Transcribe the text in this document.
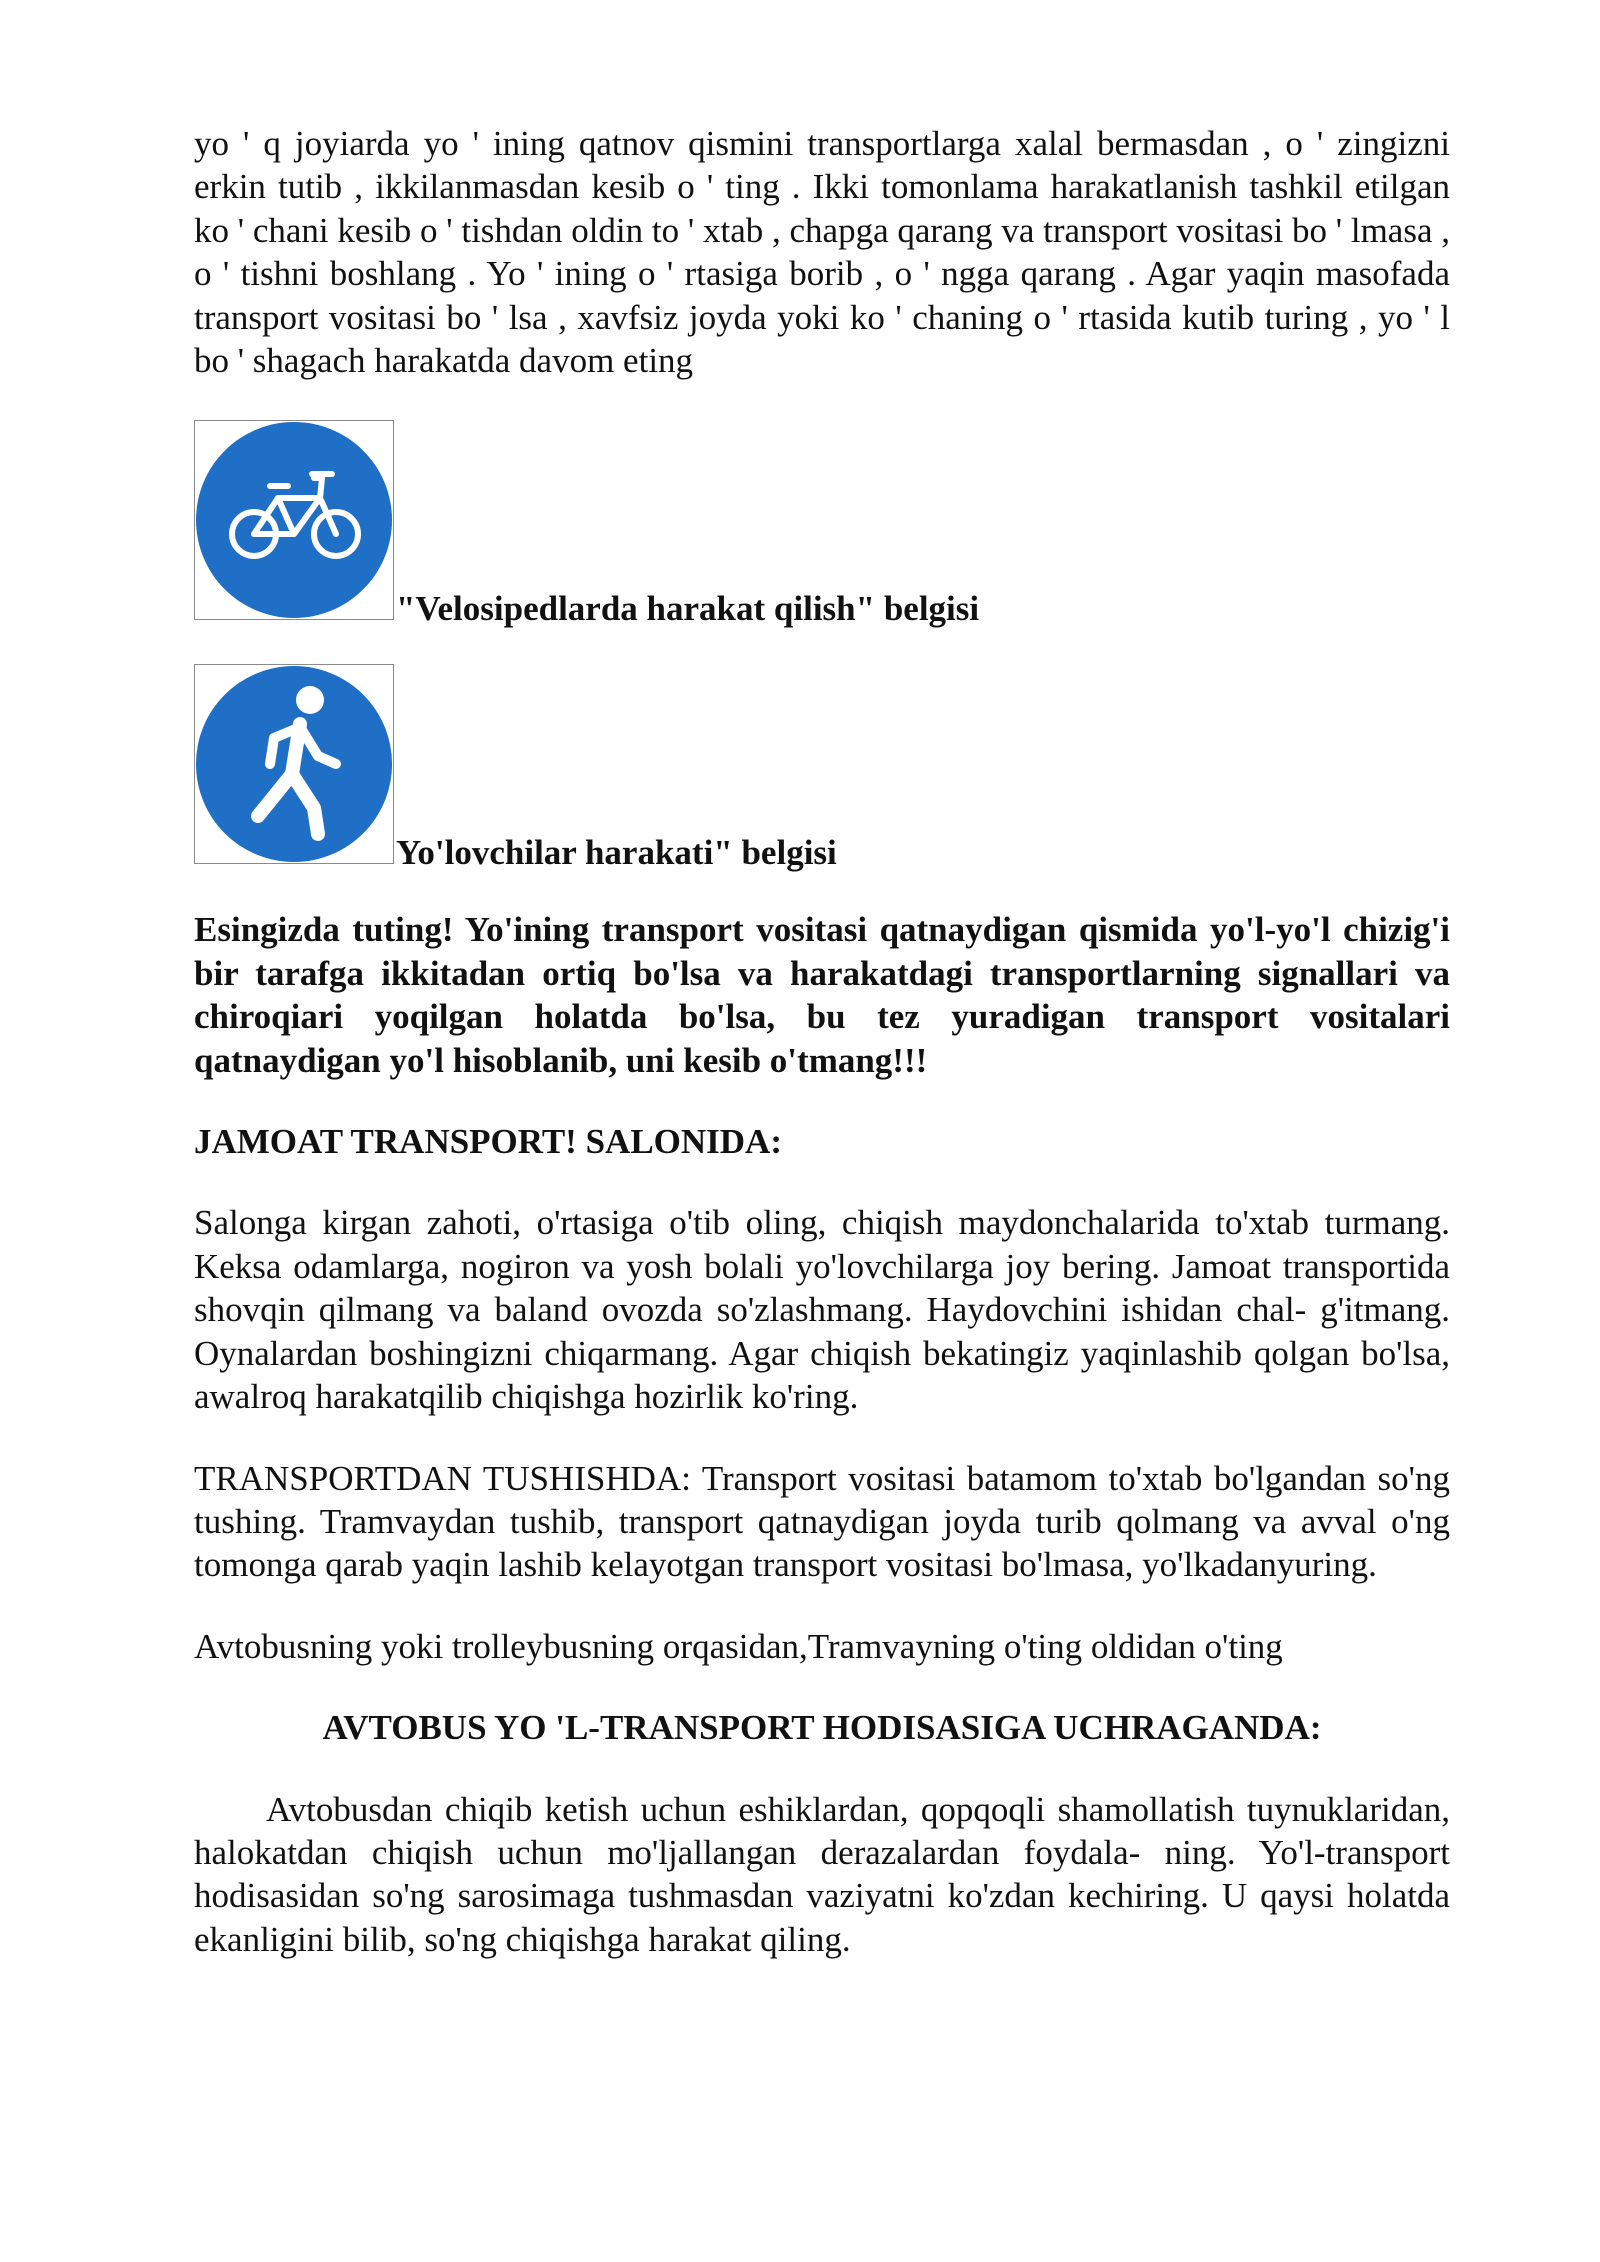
yo ' q joyiarda yo ' ining qatnov qismini transportlarga xalal bermasdan , o ' zingizni erkin tutib , ikkilanmasdan kesib o ' ting . Ikki tomonlama harakatlanish tashkil etilgan ko ' chani kesib o ' tishdan oldin to ' xtab , chapga qarang va transport vositasi bo ' lmasa , o ' tishni boshlang . Yo ' ining o ' rtasiga borib , o ' ngga qarang . Agar yaqin masofada transport vositasi bo ' lsa , xavfsiz joyda yoki ko ' chaning o ' rtasida kutib turing , yo ' l bo ' shagach harakatda davom eting

"Velosipedlarda harakat qilish" belgisi
Yo'lovchilar harakati" belgisi

Esingizda tuting! Yo'ining transport vositasi qatnaydigan qismida yo'l-yo'l chizig'i bir tarafga ikkitadan ortiq bo'lsa va harakatdagi transportlarning signallari va chiroqiari yoqilgan holatda bo'lsa, bu tez yuradigan transport vositalari qatnaydigan yo'l hisoblanib, uni kesib o'tmang!!!

JAMOAT TRANSPORT! SALONIDA:

Salonga kirgan zahoti, o'rtasiga o'tib oling, chiqish maydonchalarida to'xtab turmang. Keksa odamlarga, nogiron va yosh bolali yo'lovchilarga joy bering. Jamoat transportida shovqin qilmang va baland ovozda so'zlashmang. Haydovchini ishidan chal- g'itmang. Oynalardan boshingizni chiqarmang. Agar chiqish bekatingiz yaqinlashib qolgan bo'lsa, awalroq harakatqilib chiqishga hozirlik ko'ring.

TRANSPORTDAN TUSHISHDA: Transport vositasi batamom to'xtab bo'lgandan so'ng tushing. Tramvaydan tushib, transport qatnaydigan joyda turib qolmang va avval o'ng tomonga qarab yaqin lashib kelayotgan transport vositasi bo'lmasa, yo'lkadanyuring.

Avtobusning yoki trolleybusning orqasidan,Tramvayning o'ting oldidan o'ting

AVTOBUS YO 'L-TRANSPORT HODISASIGA UCHRAGANDA:

Avtobusdan chiqib ketish uchun eshiklardan, qopqoqli shamollatish tuynuklaridan, halokatdan chiqish uchun mo'ljallangan derazalardan foydala- ning. Yo'l-transport hodisasidan so'ng sarosimaga tushmasdan vaziyatni ko'zdan kechiring. U qaysi holatda ekanligini bilib, so'ng chiqishga harakat qiling.
